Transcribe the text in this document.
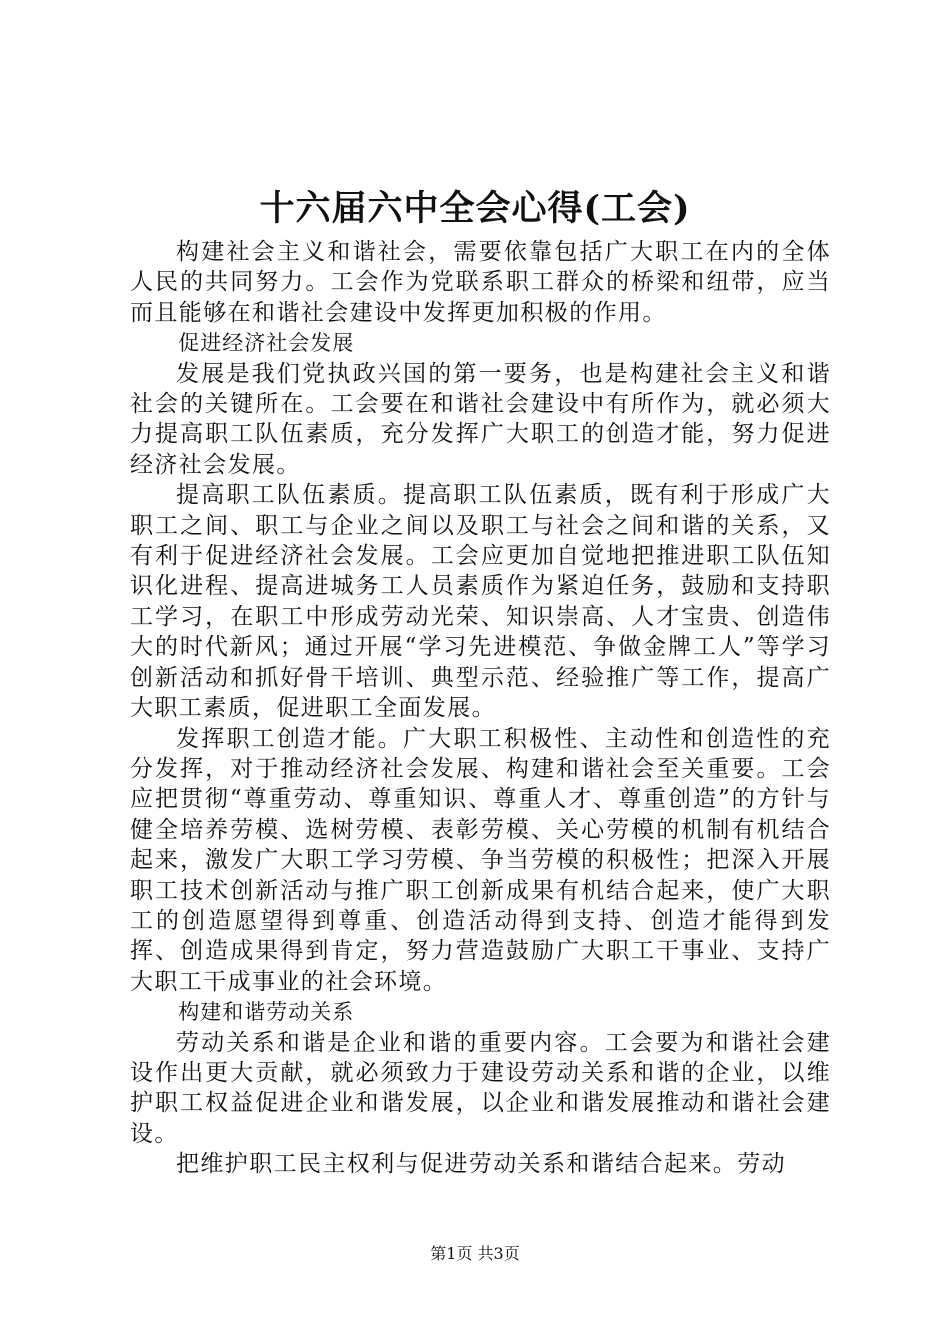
十六届六中全会心得(工会)

构建社会主义和谐社会，需要依靠包括广大职工在内的全体人民的共同努力。工会作为党联系职工群众的桥梁和纽带，应当而且能够在和谐社会建设中发挥更加积极的作用。

促进经济社会发展

发展是我们党执政兴国的第一要务，也是构建社会主义和谐社会的关键所在。工会要在和谐社会建设中有所作为，就必须大力提高职工队伍素质，充分发挥广大职工的创造才能，努力促进经济社会发展。

提高职工队伍素质。提高职工队伍素质，既有利于形成广大职工之间、职工与企业之间以及职工与社会之间和谐的关系，又有利于促进经济社会发展。工会应更加自觉地把推进职工队伍知识化进程、提高进城务工人员素质作为紧迫任务，鼓励和支持职工学习，在职工中形成劳动光荣、知识崇高、人才宝贵、创造伟大的时代新风；通过开展“学习先进模范、争做金牌工人”等学习创新活动和抓好骨干培训、典型示范、经验推广等工作，提高广大职工素质，促进职工全面发展。

发挥职工创造才能。广大职工积极性、主动性和创造性的充分发挥，对于推动经济社会发展、构建和谐社会至关重要。工会应把贯彻“尊重劳动、尊重知识、尊重人才、尊重创造”的方针与健全培养劳模、选树劳模、表彰劳模、关心劳模的机制有机结合起来，激发广大职工学习劳模、争当劳模的积极性；把深入开展职工技术创新活动与推广职工创新成果有机结合起来，使广大职工的创造愿望得到尊重、创造活动得到支持、创造才能得到发挥、创造成果得到肯定，努力营造鼓励广大职工干事业、支持广大职工干成事业的社会环境。

构建和谐劳动关系

劳动关系和谐是企业和谐的重要内容。工会要为和谐社会建设作出更大贡献，就必须致力于建设劳动关系和谐的企业，以维护职工权益促进企业和谐发展，以企业和谐发展推动和谐社会建设。

把维护职工民主权利与促进劳动关系和谐结合起来。劳动

第1页 共3页
